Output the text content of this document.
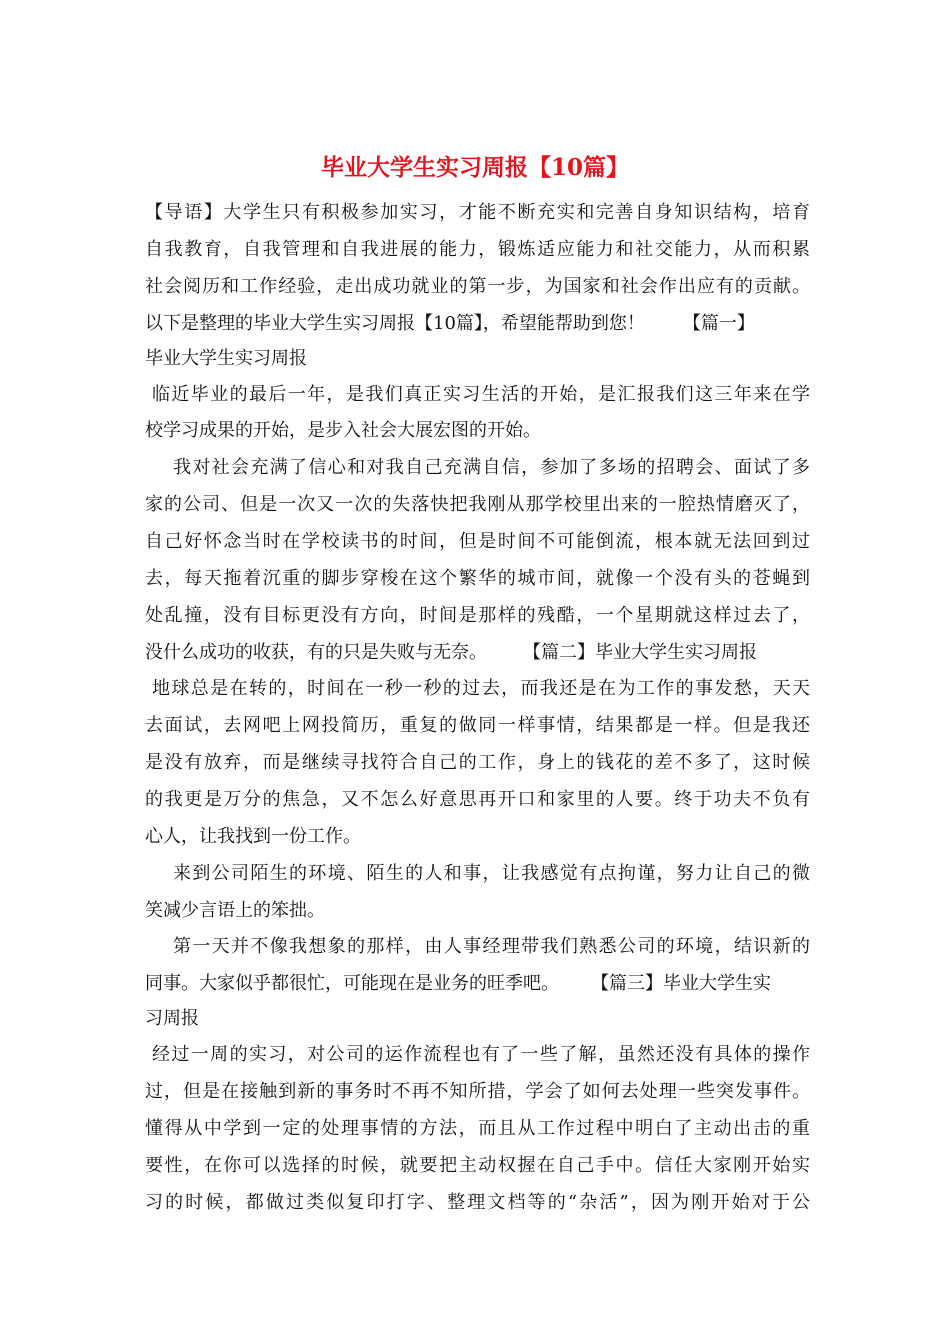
毕业大学生实习周报【10篇】
【导语】大学生只有积极参加实习，才能不断充实和完善自身知识结构，培育
自我教育，自我管理和自我进展的能力，锻炼适应能力和社交能力，从而积累
社会阅历和工作经验，走出成功就业的第一步，为国家和社会作出应有的贡献。
以下是整理的毕业大学生实习周报【10篇】，希望能帮助到您！ 【篇一】
毕业大学生实习周报
临近毕业的最后一年，是我们真正实习生活的开始，是汇报我们这三年来在学
校学习成果的开始，是步入社会大展宏图的开始。
我对社会充满了信心和对我自己充满自信，参加了多场的招聘会、面试了多
家的公司、但是一次又一次的失落快把我刚从那学校里出来的一腔热情磨灭了，
自己好怀念当时在学校读书的时间，但是时间不可能倒流，根本就无法回到过
去，每天拖着沉重的脚步穿梭在这个繁华的城市间，就像一个没有头的苍蝇到
处乱撞，没有目标更没有方向，时间是那样的残酷，一个星期就这样过去了，
没什么成功的收获，有的只是失败与无奈。 【篇二】毕业大学生实习周报
地球总是在转的，时间在一秒一秒的过去，而我还是在为工作的事发愁，天天
去面试，去网吧上网投简历，重复的做同一样事情，结果都是一样。但是我还
是没有放弃，而是继续寻找符合自己的工作，身上的钱花的差不多了，这时候
的我更是万分的焦急，又不怎么好意思再开口和家里的人要。终于功夫不负有
心人，让我找到一份工作。
来到公司陌生的环境、陌生的人和事，让我感觉有点拘谨，努力让自己的微
笑减少言语上的笨拙。
第一天并不像我想象的那样，由人事经理带我们熟悉公司的环境，结识新的
同事。大家似乎都很忙，可能现在是业务的旺季吧。 【篇三】毕业大学生实
习周报
经过一周的实习，对公司的运作流程也有了一些了解，虽然还没有具体的操作
过，但是在接触到新的事务时不再不知所措，学会了如何去处理一些突发事件。
懂得从中学到一定的处理事情的方法，而且从工作过程中明白了主动出击的重
要性，在你可以选择的时候，就要把主动权握在自己手中。信任大家刚开始实
习的时候，都做过类似复印打字、整理文档等的“杂活”，因为刚开始对于公
